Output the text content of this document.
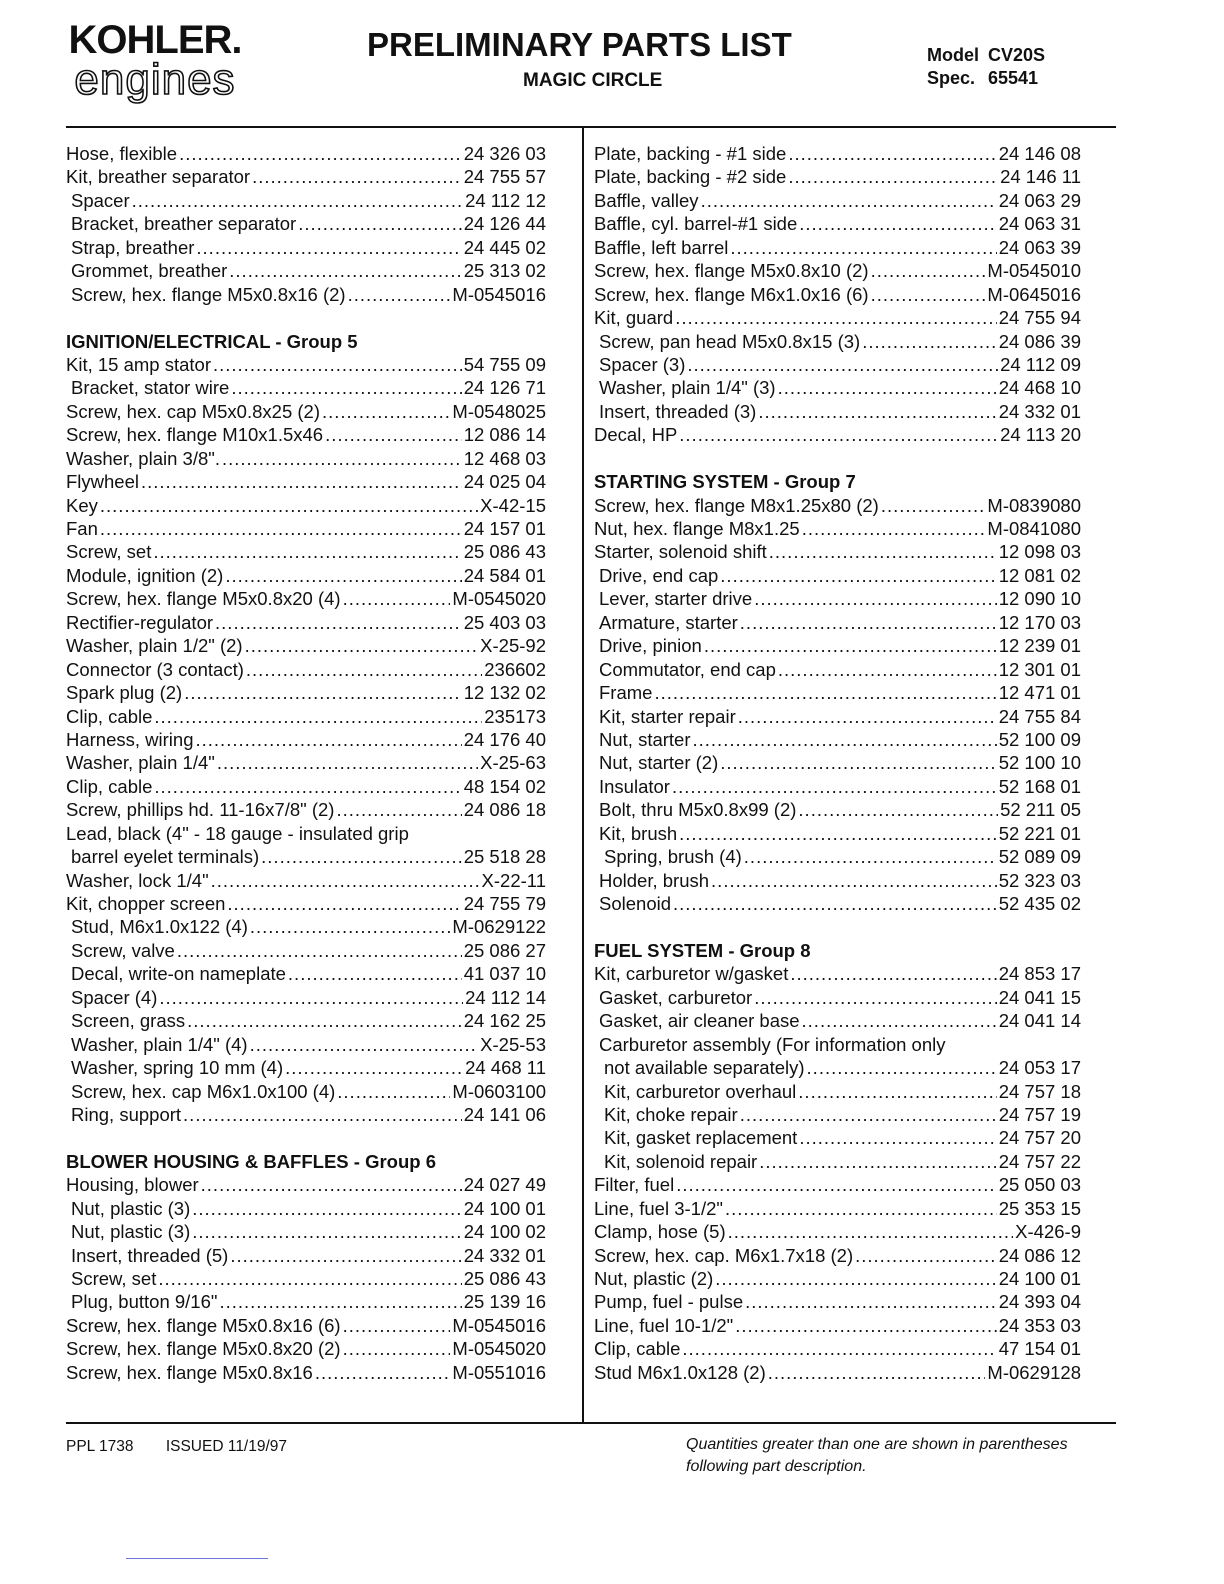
KOHLER.
engines
PRELIMINARY PARTS LIST
MAGIC CIRCLE
Model CV20S
Spec. 65541
Hose, flexible .....	24 326 03
Kit, breather separator .....	24 755 57
Spacer .....	24 112 12
Bracket, breather separator .....	24 126 44
Strap, breather .....	24 445 02
Grommet, breather .....	25 313 02
Screw, hex. flange M5x0.8x16 (2) .....	M-0545016
IGNITION/ELECTRICAL - Group 5
Kit, 15 amp stator .....	54 755 09
Bracket, stator wire .....	24 126 71
Screw, hex. cap M5x0.8x25 (2) .....	M-0548025
Screw, hex. flange M10x1.5x46 .....	12 086 14
Washer, plain 3/8". .....	12 468 03
Flywheel .....	24 025 04
Key .....	X-42-15
Fan .....	24 157 01
Screw, set .....	25 086 43
Module, ignition (2) .....	24 584 01
Screw, hex. flange M5x0.8x20 (4) .....	M-0545020
Rectifier-regulator .....	25 403 03
Washer, plain 1/2" (2) .....	X-25-92
Connector (3 contact) .....	236602
Spark plug (2) .....	12 132 02
Clip, cable .....	235173
Harness, wiring .....	24 176 40
Washer, plain 1/4" .....	X-25-63
Clip, cable .....	48 154 02
Screw, phillips hd. 11-16x7/8" (2) .....	24 086 18
Lead, black (4" - 18 gauge - insulated grip
barrel eyelet terminals) .....	25 518 28
Washer, lock 1/4" .....	X-22-11
Kit, chopper screen .....	24 755 79
Stud, M6x1.0x122 (4) .....	M-0629122
Screw, valve .....	25 086 27
Decal, write-on nameplate .....	41 037 10
Spacer (4) .....	24 112 14
Screen, grass .....	24 162 25
Washer, plain 1/4" (4) .....	X-25-53
Washer, spring 10 mm (4) .....	24 468 11
Screw, hex. cap M6x1.0x100 (4) .....	M-0603100
Ring, support .....	24 141 06
BLOWER HOUSING & BAFFLES - Group 6
Housing, blower .....	24 027 49
Nut, plastic (3) .....	24 100 01
Nut, plastic (3) .....	24 100 02
Insert, threaded (5) .....	24 332 01
Screw, set .....	25 086 43
Plug, button 9/16" .....	25 139 16
Screw, hex. flange M5x0.8x16 (6) .....	M-0545016
Screw, hex. flange M5x0.8x20 (2) .....	M-0545020
Screw, hex. flange M5x0.8x16 .....	M-0551016
Plate, backing - #1 side .....	24 146 08
Plate, backing - #2 side .....	24 146 11
Baffle, valley .....	24 063 29
Baffle, cyl. barrel-#1 side .....	24 063 31
Baffle, left barrel .....	24 063 39
Screw, hex. flange M5x0.8x10 (2) .....	M-0545010
Screw, hex. flange M6x1.0x16 (6) .....	M-0645016
Kit, guard .....	24 755 94
Screw, pan head M5x0.8x15 (3) .....	24 086 39
Spacer (3) .....	24 112 09
Washer, plain 1/4" (3) .....	24 468 10
Insert, threaded (3) .....	24 332 01
Decal, HP .....	24 113 20
STARTING SYSTEM - Group 7
Screw, hex. flange M8x1.25x80 (2) .....	M-0839080
Nut, hex. flange M8x1.25 .....	M-0841080
Starter, solenoid shift .....	12 098 03
Drive, end cap .....	12 081 02
Lever, starter drive .....	12 090 10
Armature, starter .....	12 170 03
Drive, pinion .....	12 239 01
Commutator, end cap .....	12 301 01
Frame .....	12 471 01
Kit, starter repair .....	24 755 84
Nut, starter .....	52 100 09
Nut, starter (2) .....	52 100 10
Insulator .....	52 168 01
Bolt, thru M5x0.8x99 (2) .....	52 211 05
Kit, brush .....	52 221 01
Spring, brush (4) .....	52 089 09
Holder, brush .....	52 323 03
Solenoid .....	52 435 02
FUEL SYSTEM - Group 8
Kit, carburetor w/gasket .....	24 853 17
Gasket, carburetor .....	24 041 15
Gasket, air cleaner base .....	24 041 14
Carburetor assembly (For information only
not available separately) .....	24 053 17
Kit, carburetor overhaul .....	24 757 18
Kit, choke repair .....	24 757 19
Kit, gasket replacement .....	24 757 20
Kit, solenoid repair .....	24 757 22
Filter, fuel .....	25 050 03
Line, fuel 3-1/2" .....	25 353 15
Clamp, hose (5) .....	X-426-9
Screw, hex. cap. M6x1.7x18 (2) .....	24 086 12
Nut, plastic (2) .....	24 100 01
Pump, fuel - pulse .....	24 393 04
Line, fuel 10-1/2" .....	24 353 03
Clip, cable .....	47 154 01
Stud M6x1.0x128 (2) .....	M-0629128
PPL 1738 ISSUED 11/19/97	Quantities greater than one are shown in parentheses
following part description.
